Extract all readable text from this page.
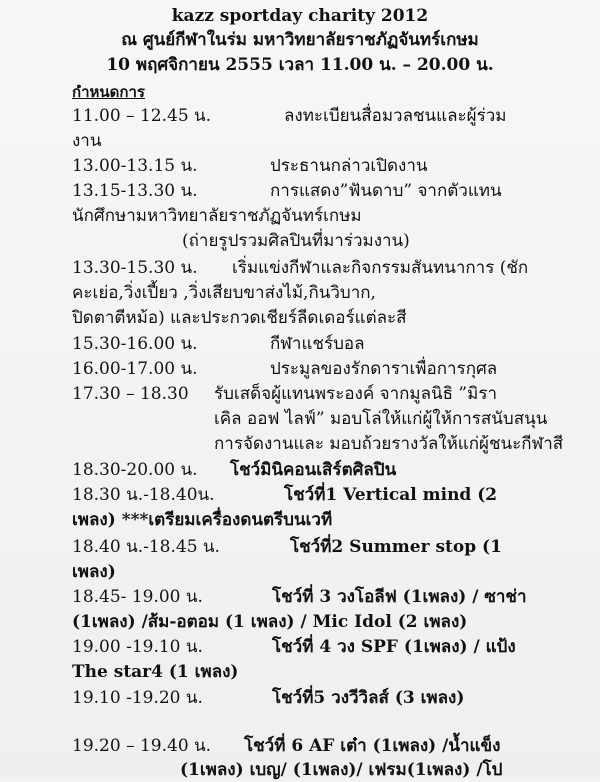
kazz sportday charity 2012
ณ ศูนย์กีฬาในร่ม มหาวิทยาลัยราชภัฏจันทร์เกษม
10 พฤศจิกายน 2555 เวลา 11.00 น. – 20.00 น.
กำหนดการ
11.00 – 12.45 น.	ลงทะเบียนสื่อมวลชนและผู้ร่วม
งาน
13.00-13.15 น.	ประธานกล่าวเปิดงาน
13.15-13.30 น.	การแสดง”ฟันดาบ” จากตัวแทน
นักศึกษามหาวิทยาลัยราชภัฏจันทร์เกษม
(ถ่ายรูปรวมศิลปินที่มาร่วมงาน)
13.30-15.30 น. เริ่มแข่งกีฬาและกิจกรรมสันทนาการ (ชัก
คะเย่อ,วิ่งเปี้ยว ,วิ่งเสียบขาส่งไม้,กินวิบาก,
ปิดตาตีหม้อ) และประกวดเชียร์ลีดเดอร์แต่ละสี
15.30-16.00 น.	กีฬาแชร์บอล
16.00-17.00 น.	ประมูลของรักดาราเพื่อการกุศล
17.30 – 18.30 รับเสด็จผู้แทนพระองค์ จากมูลนิธิ ”มิรา
เคิล ออฟ ไลฟ์” มอบโล่ให้แก่ผู้ให้การสนับสนุน
การจัดงานและ มอบถ้วยรางวัลให้แก่ผู้ชนะกีฬาสี
18.30-20.00 น. โชว์มินิคอนเสิร์ตศิลปิน
18.30 น.-18.40น.	โชว์ที่1 Vertical mind (2
เพลง) ***เตรียมเครื่องดนตรีบนเวที
18.40 น.-18.45 น.	โชว์ที่2 Summer stop (1
เพลง)
18.45- 19.00 น.	โชว์ที่ 3 วงโอลีฟ (1เพลง) / ซาช่า
(1เพลง) /ส้ม-อตอม (1 เพลง) / Mic Idol (2 เพลง)
19.00 -19.10 น.	โชว์ที่ 4 วง SPF (1เพลง) / แป้ง
The star4 (1 เพลง)
19.10 -19.20 น.	โชว์ที่5 วงวีวิลส์ (3 เพลง)
19.20 – 19.40 น. โชว์ที่ 6 AF เต๋า (1เพลง) /น้ำแข็ง
(1เพลง) เบญ/ (1เพลง)/ เฟรม(1เพลง) /โป
